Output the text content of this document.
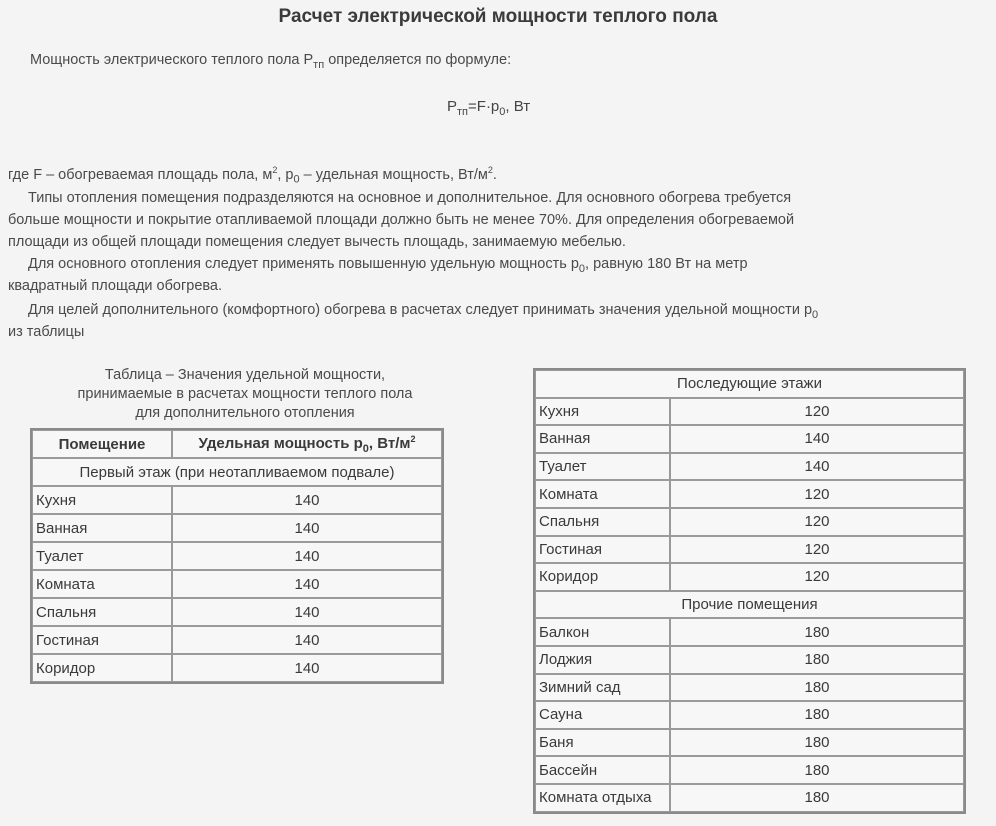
Расчет электрической мощности теплого пола
Мощность электрического теплого пола $P_{тп}$ определяется по формуле:
$P_{тп}=F\cdot p_0$, Вт
где F – обогреваемая площадь пола, $м^2$, $p_0$ – удельная мощность, $Вт/м^2$.
Типы отопления помещения подразделяются на основное и дополнительное. Для основного обогрева требуется
больше мощности и покрытие отапливаемой площади должно быть не менее 70%. Для определения обогреваемой
площади из общей площади помещения следует вычесть площадь, занимаемую мебелью.
Для основного отопления следует применять повышенную удельную мощность $p_0$, равную 180 Вт на метр
квадратный площади обогрева.
Для целей дополнительного (комфортного) обогрева в расчетах следует принимать значения удельной мощности $p_0$
из таблицы
Таблица – Значения удельной мощности,
принимаемые в расчетах мощности теплого пола
для дополнительного отопления
Помещение	Удельная мощность $p_0$, $Вт/м^2$
Первый этаж (при неотапливаемом подвале)	
Кухня	140
Ванная	140
Туалет	140
Комната	140
Спальня	140
Гостиная	140
Коридор	140
Последующие этажи	
Кухня	120
Ванная	140
Туалет	140
Комната	120
Спальня	120
Гостиная	120
Коридор	120
Прочие помещения	
Балкон	180
Лоджия	180
Зимний сад	180
Сауна	180
Баня	180
Бассейн	180
Комната отдыха	180
